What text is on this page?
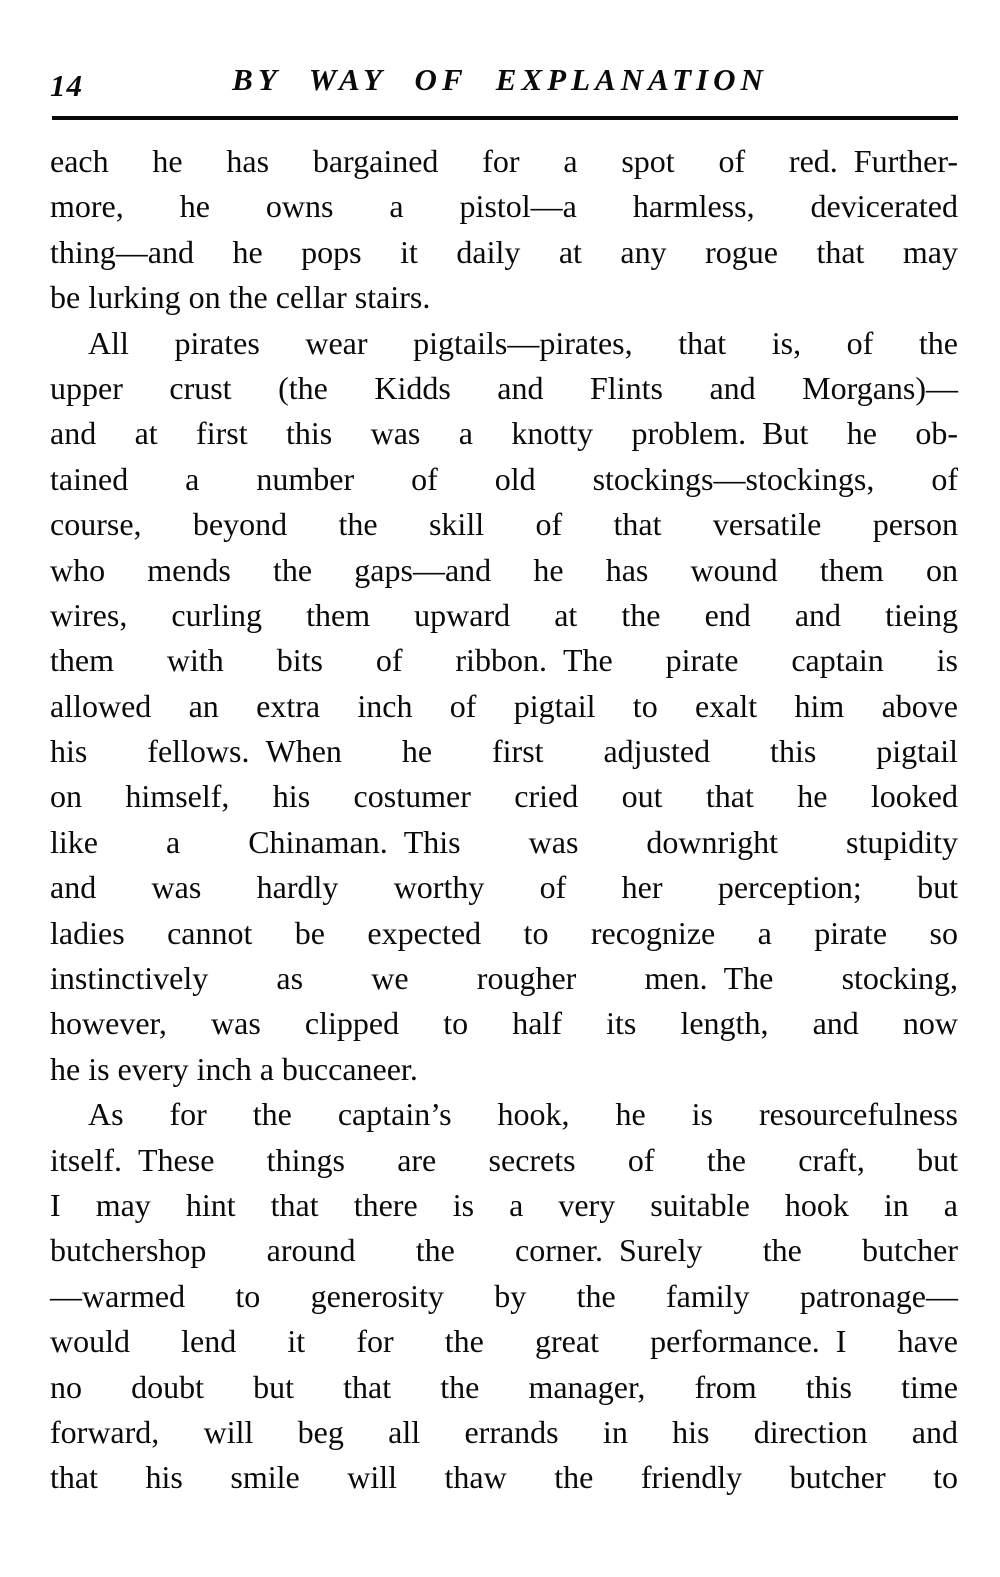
14	BY WAY OF EXPLANATION
each he has bargained for a spot of red. Further-
more, he owns a pistol—a harmless, devicerated
thing—and he pops it daily at any rogue that may
be lurking on the cellar stairs.
All pirates wear pigtails—pirates, that is, of the
upper crust (the Kidds and Flints and Morgans)—
and at first this was a knotty problem. But he ob-
tained a number of old stockings—stockings, of
course, beyond the skill of that versatile person
who mends the gaps—and he has wound them on
wires, curling them upward at the end and tieing
them with bits of ribbon. The pirate captain is
allowed an extra inch of pigtail to exalt him above
his fellows. When he first adjusted this pigtail
on himself, his costumer cried out that he looked
like a Chinaman. This was downright stupidity
and was hardly worthy of her perception; but
ladies cannot be expected to recognize a pirate so
instinctively as we rougher men. The stocking,
however, was clipped to half its length, and now
he is every inch a buccaneer.
As for the captain’s hook, he is resourcefulness
itself. These things are secrets of the craft, but
I may hint that there is a very suitable hook in a
butchershop around the corner. Surely the butcher
—warmed to generosity by the family patronage—
would lend it for the great performance. I have
no doubt but that the manager, from this time
forward, will beg all errands in his direction and
that his smile will thaw the friendly butcher to
